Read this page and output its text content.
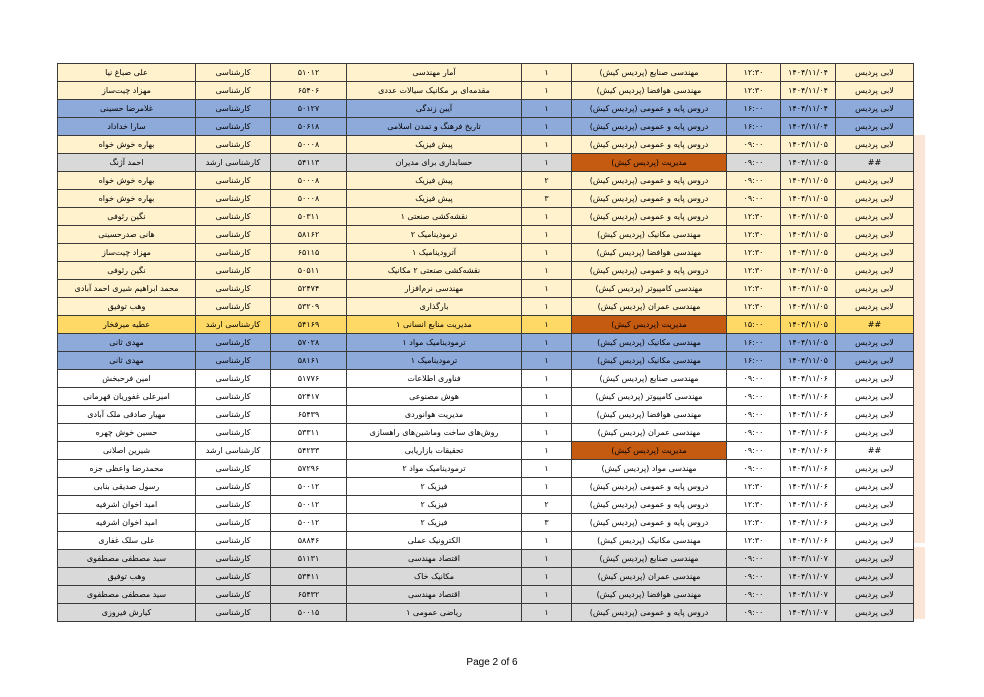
علی صباغ نیا	کارشناسی	۵۱۰۱۲	آمار مهندسی	۱	مهندسی صنایع (پردیس کیش)	۱۲:۳۰	۱۴۰۴/۱۱/۰۴	لابی پردیس
مهزاد چیت‌ساز	کارشناسی	۶۵۴۰۶	مقدمه‌ای بر مکانیک سیالات عددی	۱	مهندسی هوافضا (پردیس کیش)	۱۲:۳۰	۱۴۰۴/۱۱/۰۴	لابی پردیس
غلامرضا حسینی	کارشناسی	۵۰۱۲۷	آیین زندگی	۱	دروس پایه و عمومی (پردیس کیش)	۱۶:۰۰	۱۴۰۴/۱۱/۰۴	لابی پردیس
سارا خداداد	کارشناسی	۵۰۶۱۸	تاریخ فرهنگ و تمدن اسلامی	۱	دروس پایه و عمومی (پردیس کیش)	۱۶:۰۰	۱۴۰۴/۱۱/۰۴	لابی پردیس
بهاره خوش خواه	کارشناسی	۵۰۰۰۸	پیش فیزیک	۱	دروس پایه و عمومی (پردیس کیش)	۰۹:۰۰	۱۴۰۴/۱۱/۰۵	لابی پردیس
احمد آژنگ	کارشناسی ارشد	۵۴۱۱۳	حسابداری برای مدیران	۱	مدیریت (پردیس کیش)	۰۹:۰۰	۱۴۰۴/۱۱/۰۵	##
بهاره خوش خواه	کارشناسی	۵۰۰۰۸	پیش فیزیک	۲	دروس پایه و عمومی (پردیس کیش)	۰۹:۰۰	۱۴۰۴/۱۱/۰۵	لابی پردیس
بهاره خوش خواه	کارشناسی	۵۰۰۰۸	پیش فیزیک	۳	دروس پایه و عمومی (پردیس کیش)	۰۹:۰۰	۱۴۰۴/۱۱/۰۵	لابی پردیس
نگین رئوفی	کارشناسی	۵۰۳۱۱	نقشه‌کشی صنعتی ۱	۱	دروس پایه و عمومی (پردیس کیش)	۱۲:۳۰	۱۴۰۴/۱۱/۰۵	لابی پردیس
هانی صدرحسینی	کارشناسی	۵۸۱۶۲	ترمودینامیک ۲	۱	مهندسی مکانیک (پردیس کیش)	۱۲:۳۰	۱۴۰۴/۱۱/۰۵	لابی پردیس
مهزاد چیت‌ساز	کارشناسی	۶۵۱۱۵	آترودینامیک ۱	۱	مهندسی هوافضا (پردیس کیش)	۱۲:۳۰	۱۴۰۴/۱۱/۰۵	لابی پردیس
نگین رئوفی	کارشناسی	۵۰۵۱۱	نقشه‌کشی صنعتی ۲ مکانیک	۱	دروس پایه و عمومی (پردیس کیش)	۱۲:۳۰	۱۴۰۴/۱۱/۰۵	لابی پردیس
محمد ابراهیم شیری احمد آبادی	کارشناسی	۵۲۴۷۴	مهندسی نرم‌افزار	۱	مهندسی کامپیوتر (پردیس کیش)	۱۲:۳۰	۱۴۰۴/۱۱/۰۵	لابی پردیس
وهب توفیق	کارشناسی	۵۳۲۰۹	بارگذاری	۱	مهندسی عمران (پردیس کیش)	۱۲:۳۰	۱۴۰۴/۱۱/۰۵	لابی پردیس
عطیه میرفخار	کارشناسی ارشد	۵۴۱۶۹	مدیریت منابع انسانی ۱	۱	مدیریت (پردیس کیش)	۱۵:۰۰	۱۴۰۴/۱۱/۰۵	##
مهدی ثانی	کارشناسی	۵۷۰۲۸	ترمودینامیک مواد ۱	۱	مهندسی مکانیک (پردیس کیش)	۱۶:۰۰	۱۴۰۴/۱۱/۰۵	لابی پردیس
مهدی ثانی	کارشناسی	۵۸۱۶۱	ترمودینامیک ۱	۱	مهندسی مکانیک (پردیس کیش)	۱۶:۰۰	۱۴۰۴/۱۱/۰۵	لابی پردیس
امین فرحبخش	کارشناسی	۵۱۷۷۶	فناوری اطلاعات	۱	مهندسی صنایع (پردیس کیش)	۰۹:۰۰	۱۴۰۴/۱۱/۰۶	لابی پردیس
امیرعلی غفوریان قهرمانی	کارشناسی	۵۲۴۱۷	هوش مصنوعی	۱	مهندسی کامپیوتر (پردیس کیش)	۰۹:۰۰	۱۴۰۴/۱۱/۰۶	لابی پردیس
مهیار صادقی ملک آبادی	کارشناسی	۶۵۴۳۹	مدیریت هوانوردی	۱	مهندسی هوافضا (پردیس کیش)	۰۹:۰۰	۱۴۰۴/۱۱/۰۶	لابی پردیس
حسین خوش چهره	کارشناسی	۵۳۳۱۱	روش‌های ساخت وماشین‌های راهسازی	۱	مهندسی عمران (پردیس کیش)	۰۹:۰۰	۱۴۰۴/۱۱/۰۶	لابی پردیس
شیرین اصلانی	کارشناسی ارشد	۵۴۲۳۳	تحقیقات بازاریابی	۱	مدیریت (پردیس کیش)	۰۹:۰۰	۱۴۰۴/۱۱/۰۶	##
محمدرضا واعظی جزه	کارشناسی	۵۷۲۹۶	ترمودینامیک مواد ۲	۱	مهندسی مواد (پردیس کیش)	۰۹:۰۰	۱۴۰۴/۱۱/۰۶	لابی پردیس
رسول صدیقی بنابی	کارشناسی	۵۰۰۱۲	فیزیک ۲	۱	دروس پایه و عمومی (پردیس کیش)	۱۲:۳۰	۱۴۰۴/۱۱/۰۶	لابی پردیس
امید اخوان اشرفیه	کارشناسی	۵۰۰۱۲	فیزیک ۲	۲	دروس پایه و عمومی (پردیس کیش)	۱۲:۳۰	۱۴۰۴/۱۱/۰۶	لابی پردیس
امید اخوان اشرفیه	کارشناسی	۵۰۰۱۲	فیزیک ۲	۳	دروس پایه و عمومی (پردیس کیش)	۱۲:۳۰	۱۴۰۴/۱۱/۰۶	لابی پردیس
علی سلک غفاری	کارشناسی	۵۸۸۴۶	الکترونیک عملی	۱	مهندسی مکانیک (پردیس کیش)	۱۲:۳۰	۱۴۰۴/۱۱/۰۶	لابی پردیس
سید مصطفی مصطفوی	کارشناسی	۵۱۱۳۱	اقتصاد مهندسی	۱	مهندسی صنایع (پردیس کیش)	۰۹:۰۰	۱۴۰۴/۱۱/۰۷	لابی پردیس
وهب توفیق	کارشناسی	۵۳۴۱۱	مکانیک خاک	۱	مهندسی عمران (پردیس کیش)	۰۹:۰۰	۱۴۰۴/۱۱/۰۷	لابی پردیس
سید مصطفی مصطفوی	کارشناسی	۶۵۴۳۲	اقتصاد مهندسی	۱	مهندسی هوافضا (پردیس کیش)	۰۹:۰۰	۱۴۰۴/۱۱/۰۷	لابی پردیس
کیارش فیروزی	کارشناسی	۵۰۰۱۵	ریاضی عمومی ۱	۱	دروس پایه و عمومی (پردیس کیش)	۰۹:۰۰	۱۴۰۴/۱۱/۰۷	لابی پردیس
Page 2 of 6
